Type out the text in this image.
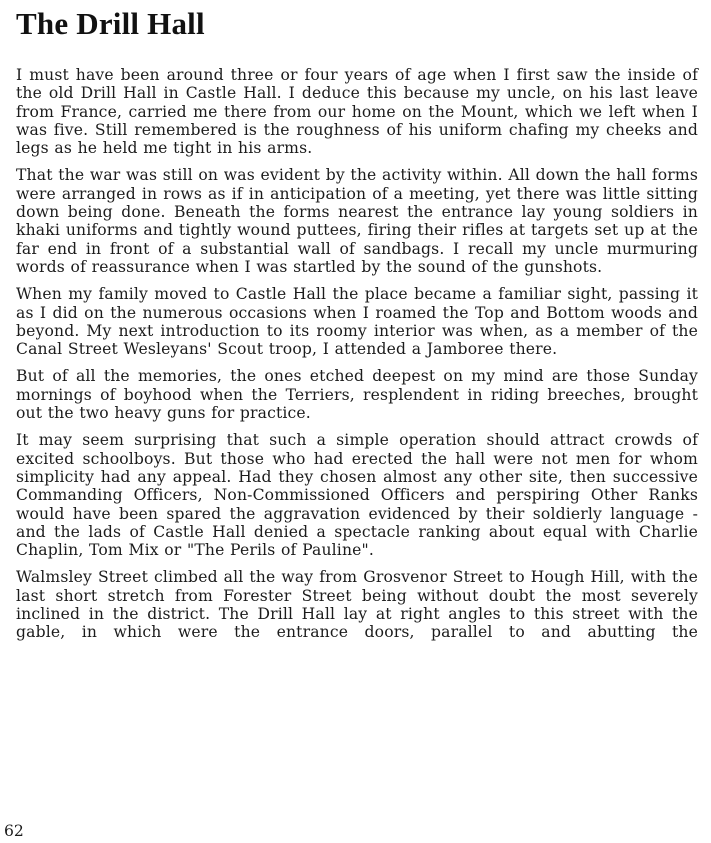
The Drill Hall

I must have been around three or four years of age when I first saw the inside of the old Drill Hall in Castle Hall. I deduce this because my uncle, on his last leave from France, carried me there from our home on the Mount, which we left when I was five. Still remembered is the roughness of his uniform chafing my cheeks and legs as he held me tight in his arms.

That the war was still on was evident by the activity within. All down the hall forms were arranged in rows as if in anticipation of a meeting, yet there was little sitting down being done. Beneath the forms nearest the entrance lay young soldiers in khaki uniforms and tightly wound puttees, firing their rifles at targets set up at the far end in front of a substantial wall of sandbags. I recall my uncle murmuring words of reassurance when I was startled by the sound of the gunshots.

When my family moved to Castle Hall the place became a familiar sight, passing it as I did on the numerous occasions when I roamed the Top and Bottom woods and beyond. My next introduction to its roomy interior was when, as a member of the Canal Street Wesleyans' Scout troop, I attended a Jamboree there.

But of all the memories, the ones etched deepest on my mind are those Sunday mornings of boyhood when the Terriers, resplendent in riding breeches, brought out the two heavy guns for practice.

It may seem surprising that such a simple operation should attract crowds of excited schoolboys. But those who had erected the hall were not men for whom simplicity had any appeal. Had they chosen almost any other site, then successive Commanding Officers, Non-Commissioned Officers and perspiring Other Ranks would have been spared the aggravation evidenced by their soldierly language - and the lads of Castle Hall denied a spectacle ranking about equal with Charlie Chaplin, Tom Mix or "The Perils of Pauline".

Walmsley Street climbed all the way from Grosvenor Street to Hough Hill, with the last short stretch from Forester Street being without doubt the most severely inclined in the district. The Drill Hall lay at right angles to this street with the gable, in which were the entrance doors, parallel to and abutting the

62
